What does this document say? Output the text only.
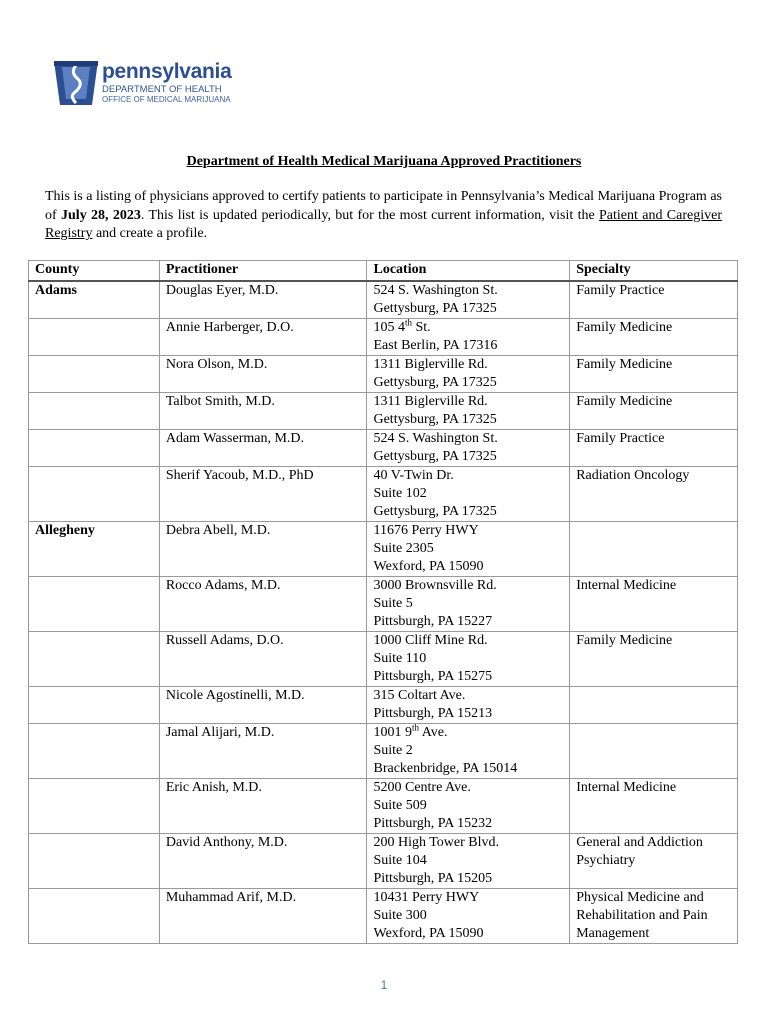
pennsylvania
DEPARTMENT OF HEALTH
OFFICE OF MEDICAL MARIJUANA
Department of Health Medical Marijuana Approved Practitioners
This is a listing of physicians approved to certify patients to participate in Pennsylvania’s Medical Marijuana Program as of July 28, 2023. This list is updated periodically, but for the most current information, visit the Patient and Caregiver Registry and create a profile.
County	Practitioner	Location	Specialty
Adams	Douglas Eyer, M.D.	524 S. Washington St.
Gettysburg, PA 17325	Family Practice
	Annie Harberger, D.O.	105 4th St.
East Berlin, PA 17316	Family Medicine
	Nora Olson, M.D.	1311 Biglerville Rd.
Gettysburg, PA 17325	Family Medicine
	Talbot Smith, M.D.	1311 Biglerville Rd.
Gettysburg, PA 17325	Family Medicine
	Adam Wasserman, M.D.	524 S. Washington St.
Gettysburg, PA 17325	Family Practice
	Sherif Yacoub, M.D., PhD	40 V-Twin Dr.
Suite 102
Gettysburg, PA 17325	Radiation Oncology
Allegheny	Debra Abell, M.D.	11676 Perry HWY
Suite 2305
Wexford, PA 15090	

	Rocco Adams, M.D.	3000 Brownsville Rd.
Suite 5
Pittsburgh, PA 15227	Internal Medicine
	Russell Adams, D.O.	1000 Cliff Mine Rd.
Suite 110
Pittsburgh, PA 15275	Family Medicine
	Nicole Agostinelli, M.D.	315 Coltart Ave.
Pittsburgh, PA 15213	

	Jamal Alijari, M.D.	1001 9th Ave.
Suite 2
Brackenbridge, PA 15014	

	Eric Anish, M.D.	5200 Centre Ave.
Suite 509
Pittsburgh, PA 15232	Internal Medicine
	David Anthony, M.D.	200 High Tower Blvd.
Suite 104
Pittsburgh, PA 15205	General and Addiction Psychiatry
	Muhammad Arif, M.D.	10431 Perry HWY
Suite 300
Wexford, PA 15090	Physical Medicine and Rehabilitation and Pain Management
1
